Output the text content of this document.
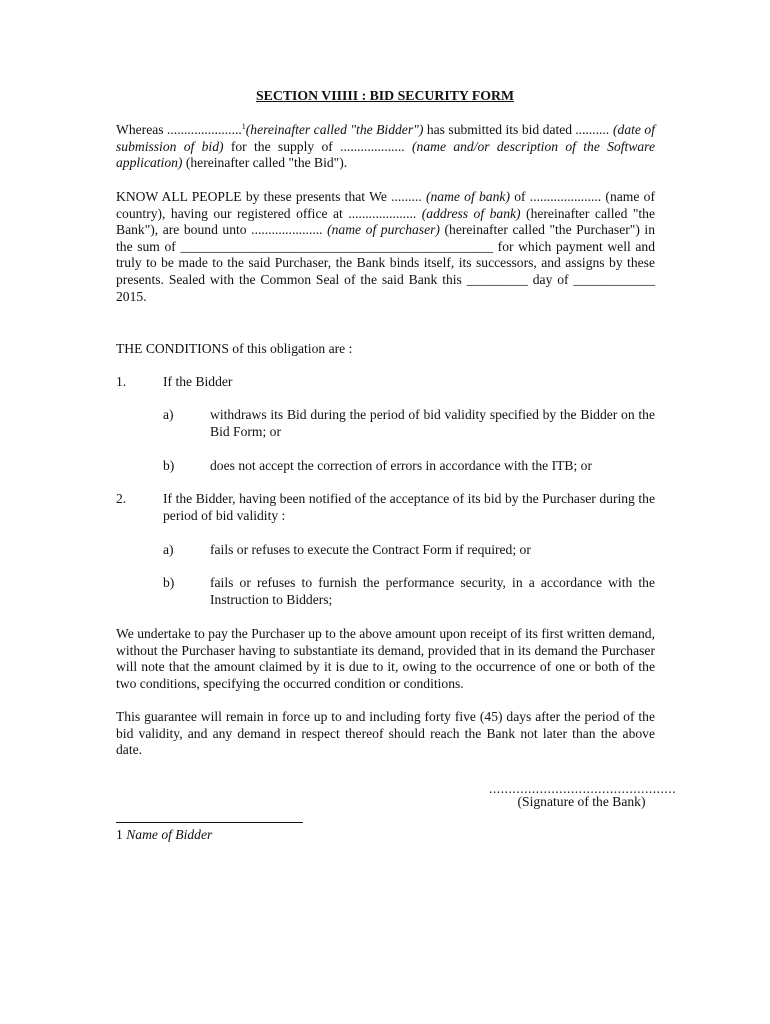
SECTION VIIIII : BID SECURITY FORM

Whereas ......................$^1$(hereinafter called "the Bidder") has submitted its bid dated .......... (date of submission of bid) for the supply of ................... (name and/or description of the Software application) (hereinafter called "the Bid").

KNOW ALL PEOPLE by these presents that We ......... (name of bank) of ..................... (name of country), having our registered office at .................... (address of bank) (hereinafter called "the Bank"), are bound unto ..................... (name of purchaser) (hereinafter called "the Purchaser") in the sum of ______________________________________________ for which payment well and truly to be made to the said Purchaser, the Bank binds itself, its successors, and assigns by these presents. Sealed with the Common Seal of the said Bank this _________ day of ____________ 2015.

THE CONDITIONS of this obligation are :

1.	If the Bidder
a)	withdraws its Bid during the period of bid validity specified by the Bidder on the Bid Form; or

b)	does not accept the correction of errors in accordance with the ITB; or

2.	If the Bidder, having been notified of the acceptance of its bid by the Purchaser during the period of bid validity :

a)	fails or refuses to execute the Contract Form if required; or

b)	fails or refuses to furnish the performance security, in a accordance with the Instruction to Bidders;

We undertake to pay the Purchaser up to the above amount upon receipt of its first written demand, without the Purchaser having to substantiate its demand, provided that in its demand the Purchaser will note that the amount claimed by it is due to it, owing to the occurrence of one or both of the two conditions, specifying the occurred condition or conditions.

This guarantee will remain in force up to and including forty five (45) days after the period of the bid validity, and any demand in respect thereof should reach the Bank not later than the above date.

................................................
(Signature of the Bank)
1 Name of Bidder
